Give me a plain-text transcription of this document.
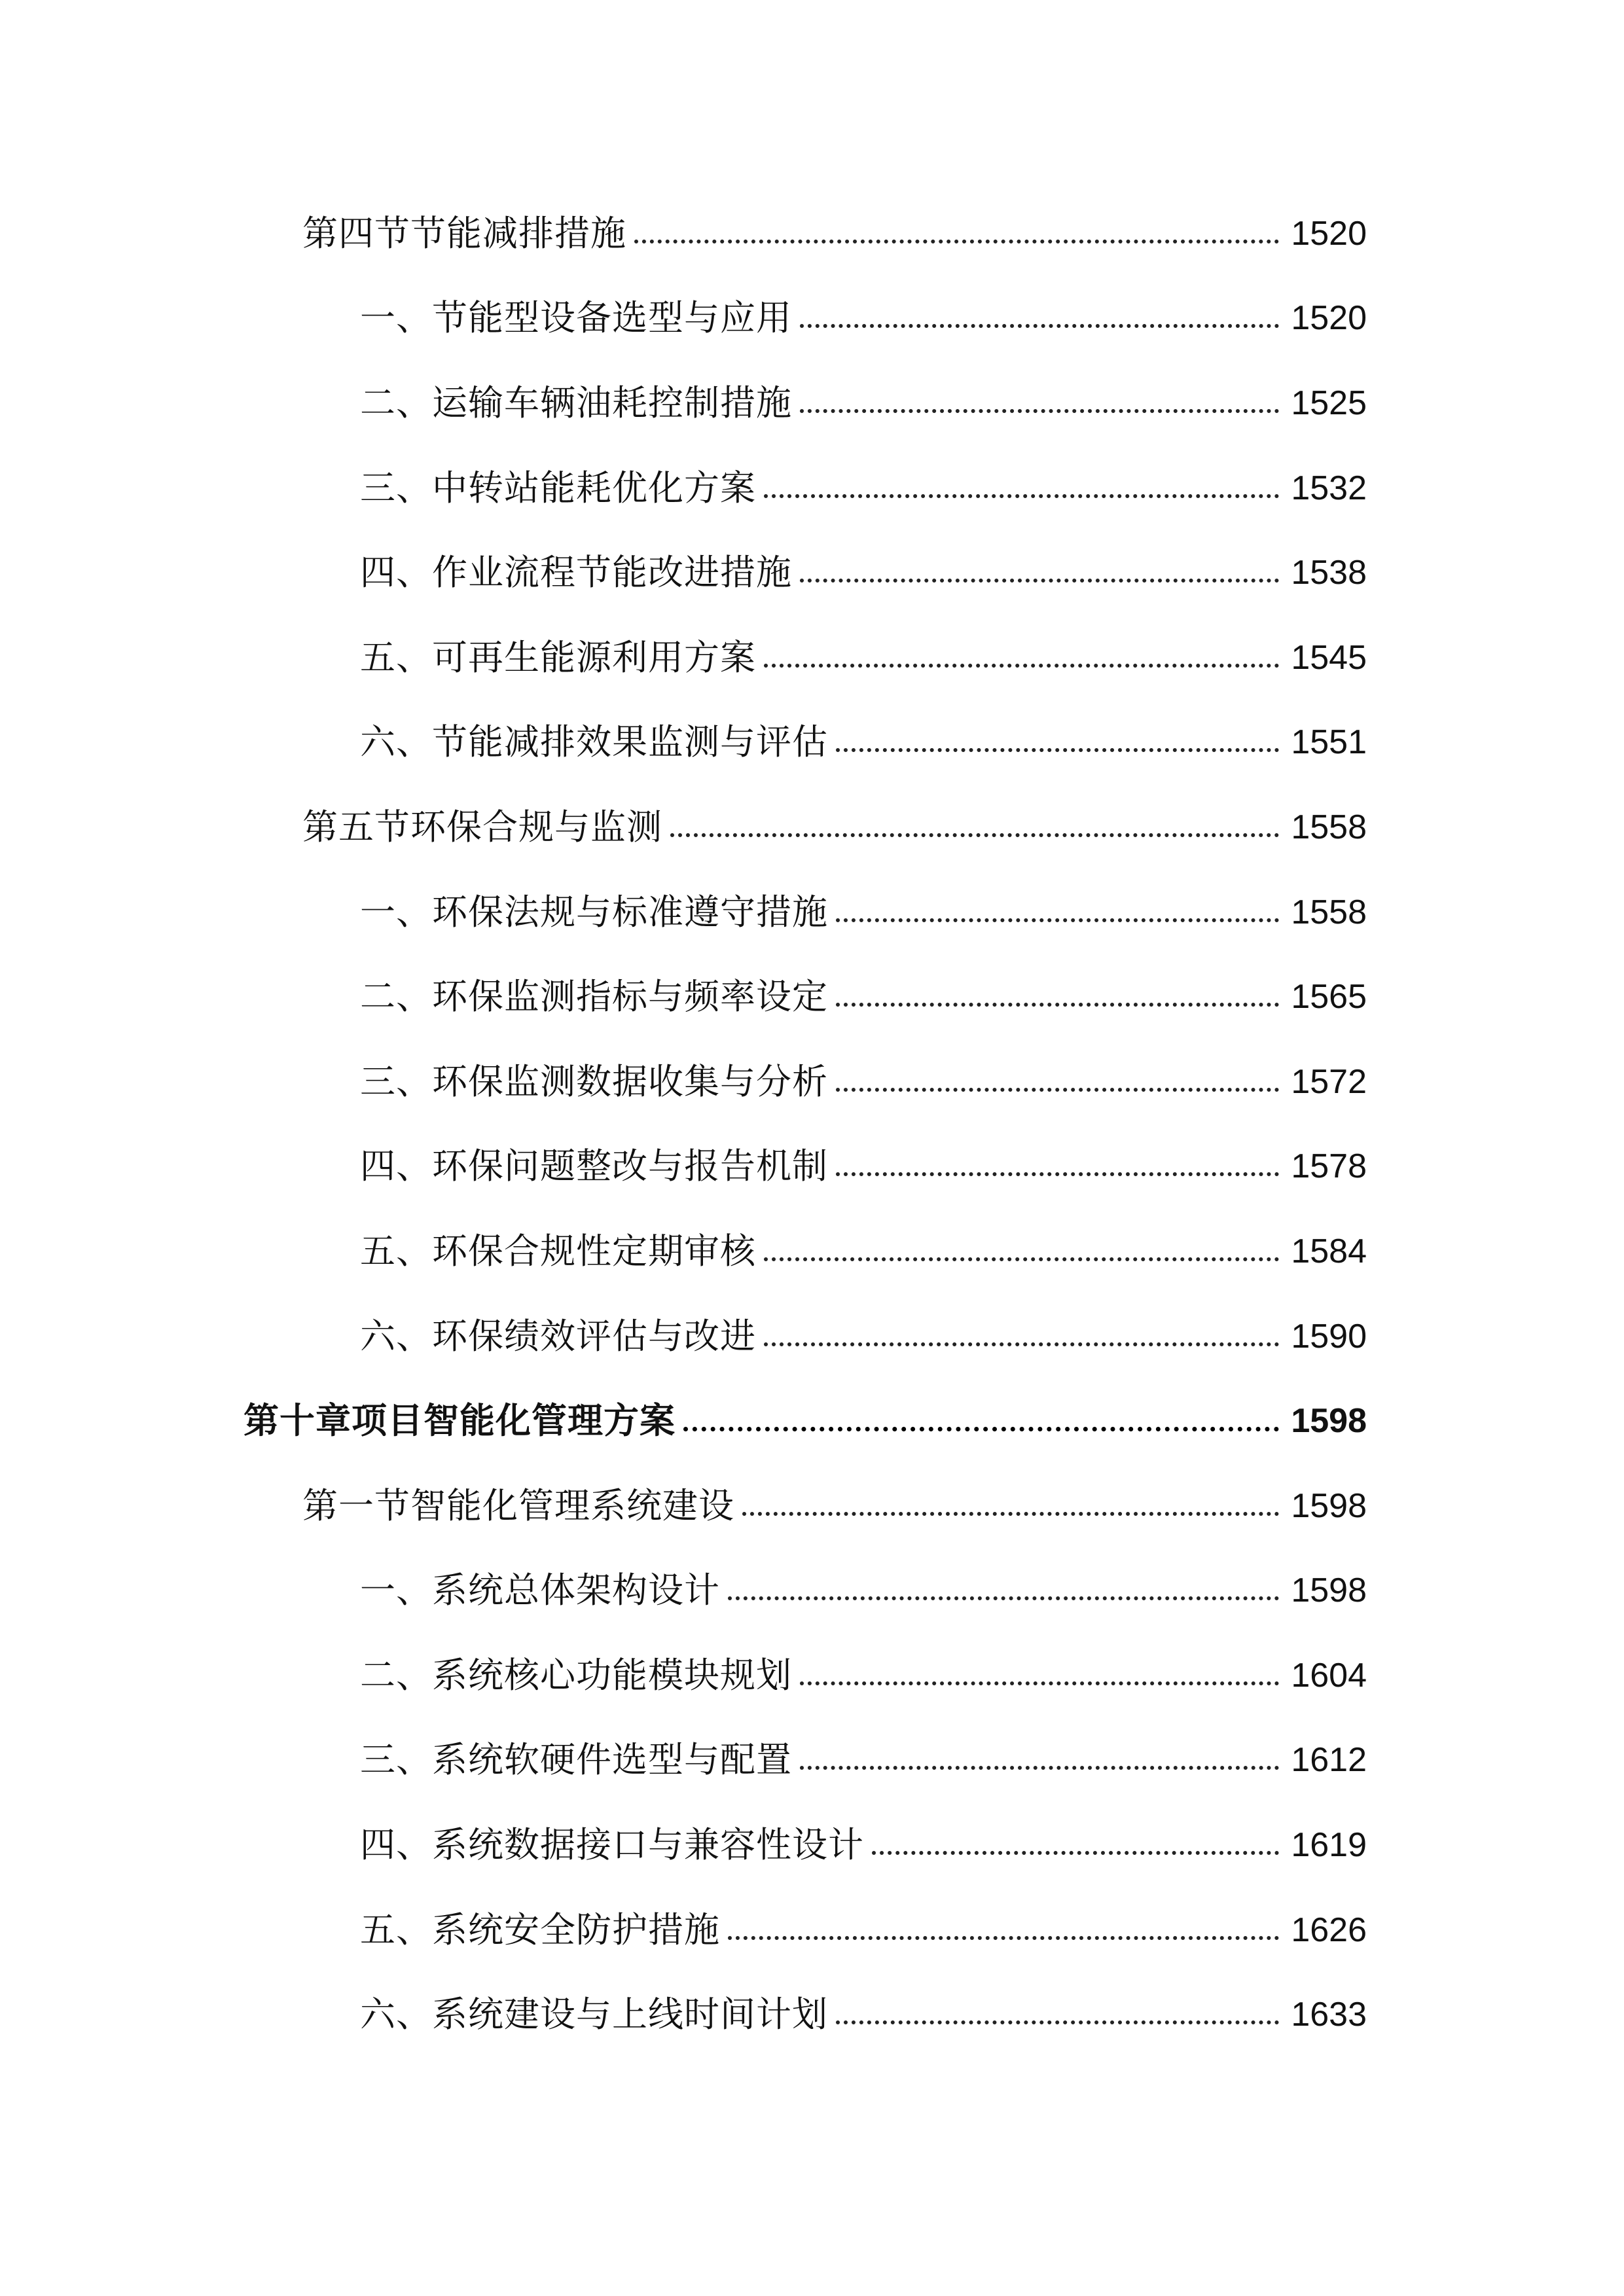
第四节节能减排措施	1520
一、节能型设备选型与应用	1520
二、运输车辆油耗控制措施	1525
三、中转站能耗优化方案	1532
四、作业流程节能改进措施	1538
五、可再生能源利用方案	1545
六、节能减排效果监测与评估	1551
第五节环保合规与监测	1558
一、环保法规与标准遵守措施	1558
二、环保监测指标与频率设定	1565
三、环保监测数据收集与分析	1572
四、环保问题整改与报告机制	1578
五、环保合规性定期审核	1584
六、环保绩效评估与改进	1590
第十章项目智能化管理方案	1598
第一节智能化管理系统建设	1598
一、系统总体架构设计	1598
二、系统核心功能模块规划	1604
三、系统软硬件选型与配置	1612
四、系统数据接口与兼容性设计	1619
五、系统安全防护措施	1626
六、系统建设与上线时间计划	1633
